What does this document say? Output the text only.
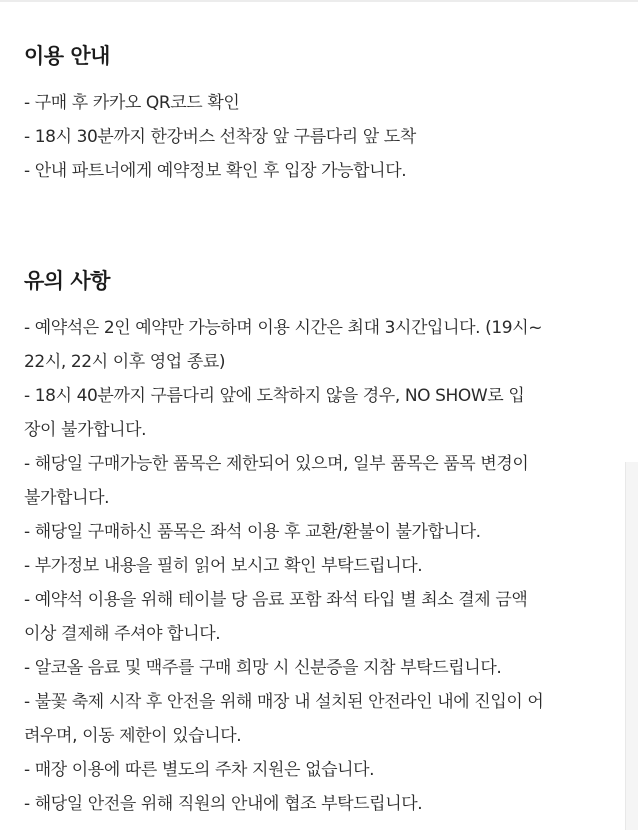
이용 안내
- 구매 후 카카오 QR코드 확인
- 18시 30분까지 한강버스 선착장 앞 구름다리 앞 도착
- 안내 파트너에게 예약정보 확인 후 입장 가능합니다.
유의 사항
- 예약석은 2인 예약만 가능하며 이용 시간은 최대 3시간입니다. (19시~
22시, 22시 이후 영업 종료)
- 18시 40분까지 구름다리 앞에 도착하지 않을 경우, NO SHOW로 입
장이 불가합니다.
- 해당일 구매가능한 품목은 제한되어 있으며, 일부 품목은 품목 변경이
불가합니다.
- 해당일 구매하신 품목은 좌석 이용 후 교환/환불이 불가합니다.
- 부가정보 내용을 필히 읽어 보시고 확인 부탁드립니다.
- 예약석 이용을 위해 테이블 당 음료 포함 좌석 타입 별 최소 결제 금액
이상 결제해 주셔야 합니다.
- 알코올 음료 및 맥주를 구매 희망 시 신분증을 지참 부탁드립니다.
- 불꽃 축제 시작 후 안전을 위해 매장 내 설치된 안전라인 내에 진입이 어
려우며, 이동 제한이 있습니다.
- 매장 이용에 따른 별도의 주차 지원은 없습니다.
- 해당일 안전을 위해 직원의 안내에 협조 부탁드립니다.
